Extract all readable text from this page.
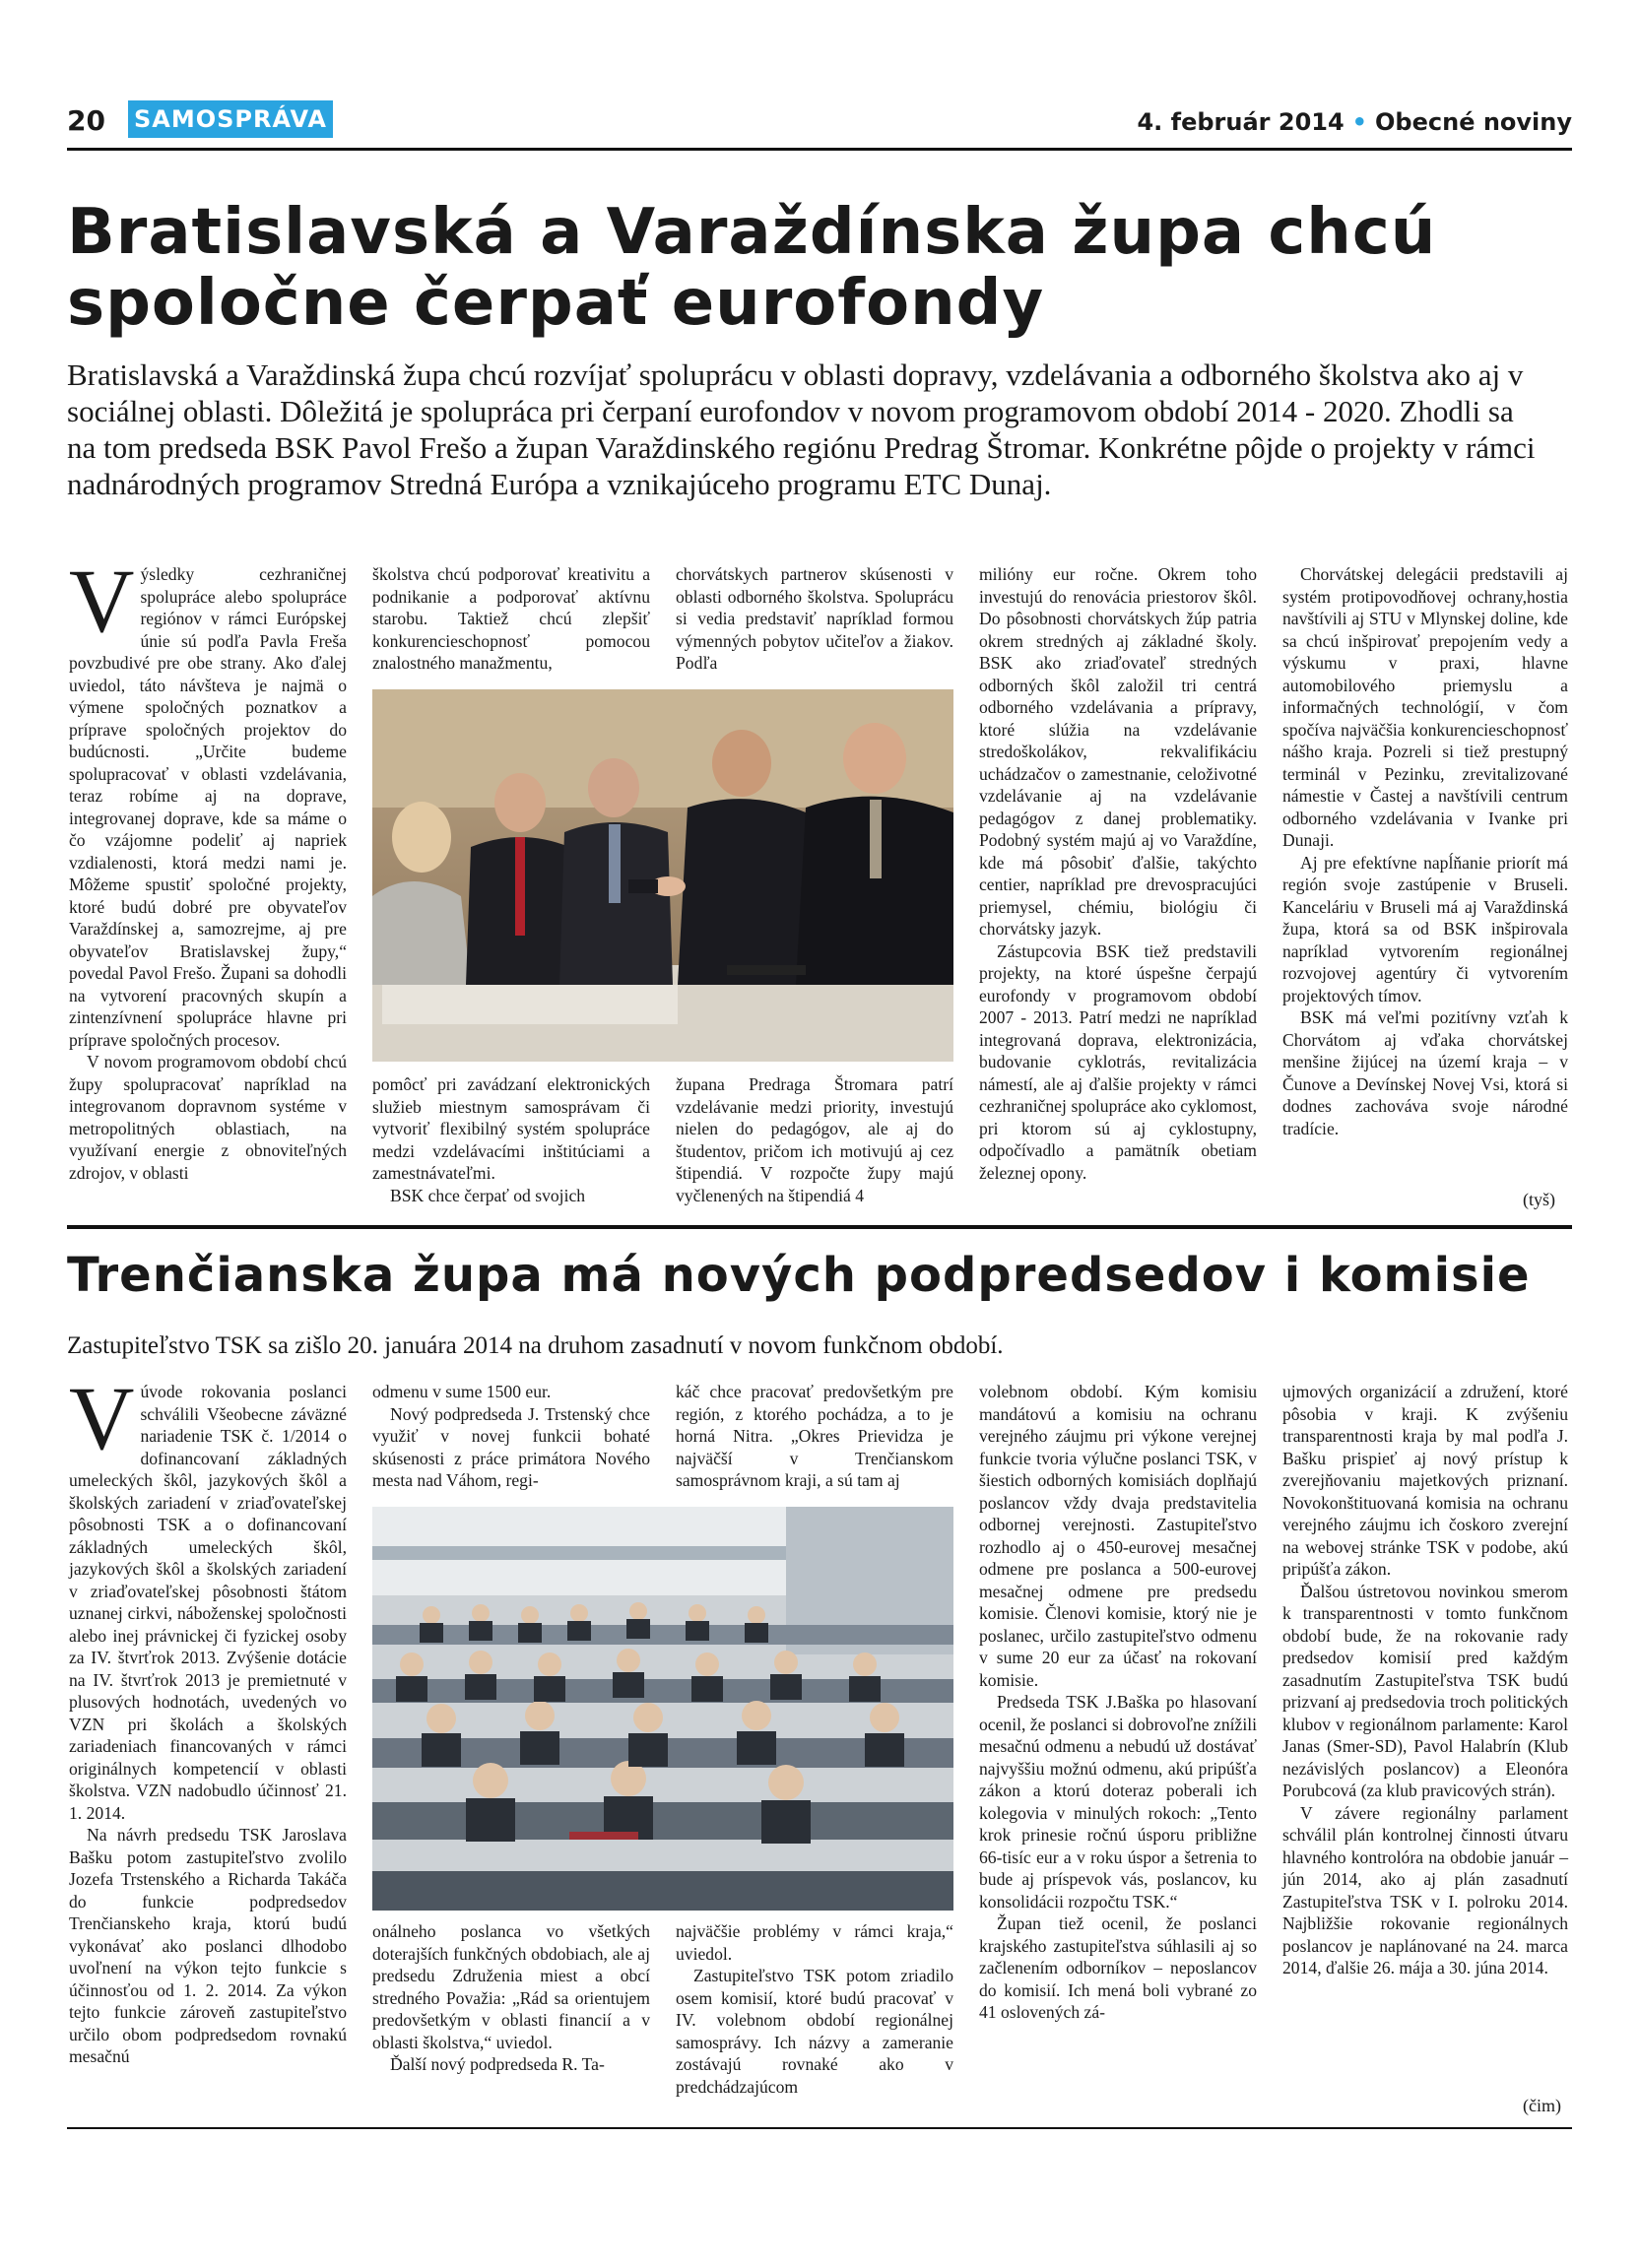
20 SAMOSPRÁVA	4. február 2014 • Obecné noviny
Bratislavská a Varaždínska župa chcú
spoločne čerpať eurofondy

Bratislavská a Varaždinská župa chcú rozvíjať spoluprácu v oblasti dopravy, vzdelávania a odborného školstva ako aj v sociálnej oblasti. Dôležitá je spolupráca pri čerpaní eurofondov v novom programovom období 2014 - 2020. Zhodli sa na tom predseda BSK Pavol Frešo a župan Varaždinského regiónu Predrag Štromar. Konkrétne pôjde o projekty v rámci nadnárodných programov Stredná Európa a vznikajúceho programu ETC Dunaj.

V ýsledky cezhraničnej spolupráce alebo spolupráce regiónov v rámci Európskej únie sú podľa Pavla Freša povzbudivé pre obe strany. Ako ďalej uviedol, táto návšteva je najmä o výmene spoločných poznatkov a príprave spoločných projektov do budúcnosti. „Určite budeme spolupracovať v oblasti vzdelávania, teraz robíme aj na doprave, integrovanej doprave, kde sa máme o čo vzájomne podeliť aj napriek vzdialenosti, ktorá medzi nami je. Môžeme spustiť spoločné projekty, ktoré budú dobré pre obyvateľov Varaždínskej a, samozrejme, aj pre obyvateľov Bratislavskej župy,“ povedal Pavol Frešo. Župani sa dohodli na vytvorení pracovných skupín a zintenzívnení spolupráce hlavne pri príprave spoločných procesov.

V novom programovom období chcú župy spolupracovať napríklad na integrovanom dopravnom systéme v metropolitných oblastiach, na využívaní energie z obnoviteľných zdrojov, v oblasti

školstva chcú podporovať kreativitu a podnikanie a podporovať aktívnu starobu. Taktiež chcú zlepšiť konkurencieschopnosť pomocou znalostného manažmentu,

chorvátskych partnerov skúsenosti v oblasti odborného školstva. Spoluprácu si vedia predstaviť napríklad formou výmenných pobytov učiteľov a žiakov. Podľa

pomôcť pri zavádzaní elektronických služieb miestnym samosprávam či vytvoriť flexibilný systém spolupráce medzi vzdelávacími inštitúciami a zamestnávateľmi.

BSK chce čerpať od svojich

župana Predraga Štromara patrí vzdelávanie medzi priority, investujú nielen do pedagógov, ale aj do študentov, pričom ich motivujú aj cez štipendiá. V rozpočte župy majú vyčlenených na štipendiá 4

milióny eur ročne. Okrem toho investujú do renovácia priestorov škôl. Do pôsobnosti chorvátskych žúp patria okrem stredných aj základné školy. BSK ako zriaďovateľ stredných odborných škôl založil tri centrá odborného vzdelávania a prípravy, ktoré slúžia na vzdelávanie stredoškolákov, rekvalifikáciu uchádzačov o zamestnanie, celoživotné vzdelávanie aj na vzdelávanie pedagógov z danej problematiky. Podobný systém majú aj vo Varaždíne, kde má pôsobiť ďalšie, takýchto centier, napríklad pre drevospracujúci priemysel, chémiu, biológiu či chorvátsky jazyk.

Zástupcovia BSK tiež predstavili projekty, na ktoré úspešne čerpajú eurofondy v programovom období 2007 - 2013. Patrí medzi ne napríklad integrovaná doprava, elektronizácia, budovanie cyklotrás, revitalizácia námestí, ale aj ďalšie projekty v rámci cezhraničnej spolupráce ako cyklomost, pri ktorom sú aj cyklostupny, odpočívadlo a pamätník obetiam železnej opony.

Chorvátskej delegácii predstavili aj systém protipovodňovej ochrany,hostia navštívili aj STU v Mlynskej doline, kde sa chcú inšpirovať prepojením vedy a výskumu v praxi, hlavne automobilového priemyslu a informačných technológií, v čom spočíva najväčšia konkurencieschopnosť nášho kraja. Pozreli si tiež prestupný terminál v Pezinku, zrevitalizované námestie v Častej a navštívili centrum odborného vzdelávania v Ivanke pri Dunaji.

Aj pre efektívne napĺňanie priorít má región svoje zastúpenie v Bruseli. Kanceláriu v Bruseli má aj Varaždinská župa, ktorá sa od BSK inšpirovala napríklad vytvorením regionálnej rozvojovej agentúry či vytvorením projektových tímov.

BSK má veľmi pozitívny vzťah k Chorvátom aj vďaka chorvátskej menšine žijúcej na území kraja – v Čunove a Devínskej Novej Vsi, ktorá si dodnes zachováva svoje národné tradície.

(tyš)
Trenčianska župa má nových podpredsedov i komisie

Zastupiteľstvo TSK sa zišlo 20. januára 2014 na druhom zasadnutí v novom funkčnom období.

V úvode rokovania poslanci schválili Všeobecne záväzné nariadenie TSK č. 1/2014 o dofinancovaní základných umeleckých škôl, jazykových škôl a školských zariadení v zriaďovateľskej pôsobnosti TSK a o dofinancovaní základných umeleckých škôl, jazykových škôl a školských zariadení v zriaďovateľskej pôsobnosti štátom uznanej cirkvi, náboženskej spoločnosti alebo inej právnickej či fyzickej osoby za IV. štvrťrok 2013. Zvýšenie dotácie na IV. štvrťrok 2013 je premietnuté v plusových hodnotách, uvedených vo VZN pri školách a školských zariadeniach financovaných v rámci originálnych kompetencií v oblasti školstva. VZN nadobudlo účinnosť 21. 1. 2014.

Na návrh predsedu TSK Jaroslava Bašku potom zastupiteľstvo zvolilo Jozefa Trstenského a Richarda Takáča do funkcie podpredsedov Trenčianskeho kraja, ktorú budú vykonávať ako poslanci dlhodobo uvoľnení na výkon tejto funkcie s účinnosťou od 1. 2. 2014. Za výkon tejto funkcie zároveň zastupiteľstvo určilo obom podpredsedom rovnakú mesačnú

odmenu v sume 1500 eur.

Nový podpredseda J. Trstenský chce využiť v novej funkcii bohaté skúsenosti z práce primátora Nového mesta nad Váhom, regi-

káč chce pracovať predovšetkým pre región, z ktorého pochádza, a to je horná Nitra. „Okres Prievidza je najväčší v Trenčianskom samosprávnom kraji, a sú tam aj

onálneho poslanca vo všetkých doterajších funkčných obdobiach, ale aj predsedu Združenia miest a obcí stredného Považia: „Rád sa orientujem predovšetkým v oblasti financií a v oblasti školstva,“ uviedol.

Ďalší nový podpredseda R. Ta-

najväčšie problémy v rámci kraja,“ uviedol.

Zastupiteľstvo TSK potom zriadilo osem komisií, ktoré budú pracovať v IV. volebnom období regionálnej samosprávy. Ich názvy a zameranie zostávajú rovnaké ako v predchádzajúcom

volebnom období. Kým komisiu mandátovú a komisiu na ochranu verejného záujmu pri výkone verejnej funkcie tvoria výlučne poslanci TSK, v šiestich odborných komisiách doplňajú poslancov vždy dvaja predstavitelia odbornej verejnosti. Zastupiteľstvo rozhodlo aj o 450-eurovej mesačnej odmene pre poslanca a 500-eurovej mesačnej odmene pre predsedu komisie. Členovi komisie, ktorý nie je poslanec, určilo zastupiteľstvo odmenu v sume 20 eur za účasť na rokovaní komisie.

Predseda TSK J.Baška po hlasovaní ocenil, že poslanci si dobrovoľne znížili mesačnú odmenu a nebudú už dostávať najvyššiu možnú odmenu, akú pripúšťa zákon a ktorú doteraz poberali ich kolegovia v minulých rokoch: „Tento krok prinesie ročnú úsporu približne 66-tisíc eur a v roku úspor a šetrenia to bude aj príspevok vás, poslancov, ku konsolidácii rozpočtu TSK.“

Župan tiež ocenil, že poslanci krajského zastupiteľstva súhlasili aj so začlenením odborníkov – neposlancov do komisií. Ich mená boli vybrané zo 41 oslovených zá-

ujmových organizácií a združení, ktoré pôsobia v kraji. K zvýšeniu transparentnosti kraja by mal podľa J. Bašku prispieť aj nový prístup k zverejňovaniu majetkových priznaní. Novokonštituovaná komisia na ochranu verejného záujmu ich čoskoro zverejní na webovej stránke TSK v podobe, akú pripúšťa zákon.

Ďalšou ústretovou novinkou smerom k transparentnosti v tomto funkčnom období bude, že na rokovanie rady predsedov komisií pred každým zasadnutím Zastupiteľstva TSK budú prizvaní aj predsedovia troch politických klubov v regionálnom parlamente: Karol Janas (Smer-SD), Pavol Halabrín (Klub nezávislých poslancov) a Eleonóra Porubcová (za klub pravicových strán).

V závere regionálny parlament schválil plán kontrolnej činnosti útvaru hlavného kontrolóra na obdobie január – jún 2014, ako aj plán zasadnutí Zastupiteľstva TSK v I. polroku 2014. Najbližšie rokovanie regionálnych poslancov je naplánované na 24. marca 2014, ďalšie 26. mája a 30. júna 2014.

(čim)
